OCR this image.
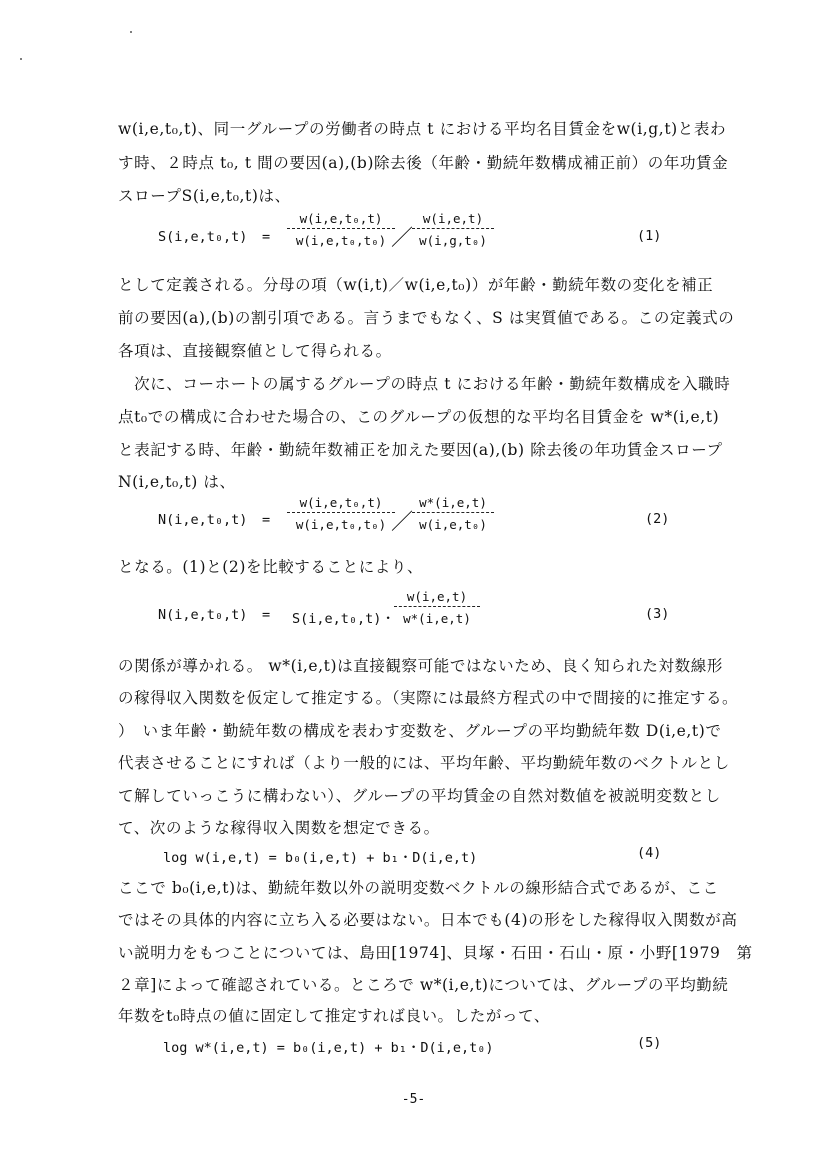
w(i,e,t₀,t)、同一グループの労働者の時点 t における平均名目賃金をw(i,g,t)と表わ
す時、２時点 t₀, t 間の要因(a),(b)除去後（年齢・勤続年数構成補正前）の年功賃金
スロープS(i,e,t₀,t)は、
$S(i,e,t_0,t) = \frac{\text{w(i,e,t₀,t)}}{\text{w(i,e,t₀,t₀)}}$
／
$\frac{w(i,e,t)}{\text{w(i,g,t₀)}}$	(1)
として定義される。分母の項（w(i,t)／w(i,e,t₀)）が年齢・勤続年数の変化を補正
前の要因(a),(b)の割引項である。言うまでもなく、S は実質値である。この定義式の
各項は、直接観察値として得られる。
　次に、コーホートの属するグループの時点 t における年齢・勤続年数構成を入職時
点t₀での構成に合わせた場合の、このグループの仮想的な平均名目賃金を w*(i,e,t)
と表記する時、年齢・勤続年数補正を加えた要因(a),(b) 除去後の年功賃金スロープ
N(i,e,t₀,t) は、
$N(i,e,t_0,t) = \frac{\text{w(i,e,t₀,t)}}{\text{w(i,e,t₀,t₀)}}$
／
$\frac{w*(i,e,t)}{\text{w(i,e,t₀)}}$	(2)
となる。(1)と(2)を比較することにより、
N(i,e,t₀,t) = S(i,e,t₀,t)・ $\frac{w(i,e,t)}{w*(i,e,t)}$	(3)
の関係が導かれる。 w*(i,e,t)は直接観察可能ではないため、良く知られた対数線形
の稼得収入関数を仮定して推定する。（実際には最終方程式の中で間接的に推定する。
）　いま年齢・勤続年数の構成を表わす変数を、グループの平均勤続年数 D(i,e,t)で
代表させることにすれば（より一般的には、平均年齢、平均勤続年数のベクトルとし
て解していっこうに構わない）、グループの平均賃金の自然対数値を被説明変数とし
て、次のような稼得収入関数を想定できる。
log w(i,e,t) = b₀(i,e,t) + b₁・D(i,e,t)	(4)
ここで b₀(i,e,t)は、勤続年数以外の説明変数ベクトルの線形結合式であるが、ここ
ではその具体的内容に立ち入る必要はない。日本でも(4)の形をした稼得収入関数が高
い説明力をもつことについては、島田[1974]、貝塚・石田・石山・原・小野[1979　第
２章]によって確認されている。ところで w*(i,e,t)については、グループの平均勤続
年数をt₀時点の値に固定して推定すれば良い。したがって、
log w*(i,e,t) = b₀(i,e,t) + b₁・D(i,e,t₀)	(5)
-5-
